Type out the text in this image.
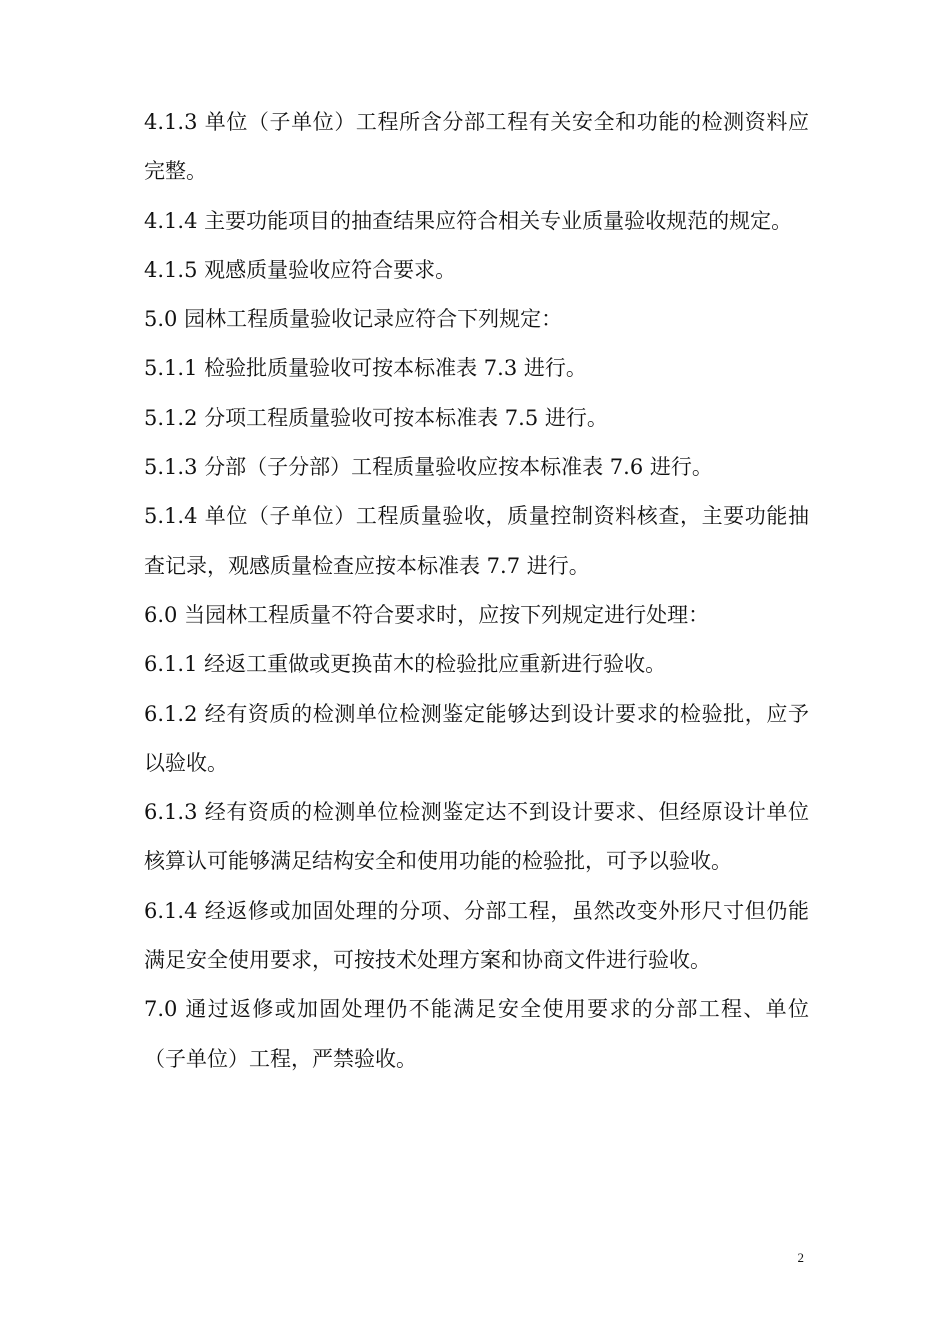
4.1.3 单位（子单位）工程所含分部工程有关安全和功能的检测资料应完整。

4.1.4 主要功能项目的抽查结果应符合相关专业质量验收规范的规定。

4.1.5 观感质量验收应符合要求。

5.0 园林工程质量验收记录应符合下列规定：

5.1.1 检验批质量验收可按本标准表 7.3 进行。

5.1.2 分项工程质量验收可按本标准表 7.5 进行。

5.1.3 分部（子分部）工程质量验收应按本标准表 7.6 进行。

5.1.4 单位（子单位）工程质量验收，质量控制资料核查，主要功能抽查记录，观感质量检查应按本标准表 7.7 进行。

6.0 当园林工程质量不符合要求时，应按下列规定进行处理：

6.1.1 经返工重做或更换苗木的检验批应重新进行验收。

6.1.2 经有资质的检测单位检测鉴定能够达到设计要求的检验批，应予以验收。

6.1.3 经有资质的检测单位检测鉴定达不到设计要求、但经原设计单位核算认可能够满足结构安全和使用功能的检验批，可予以验收。

6.1.4 经返修或加固处理的分项、分部工程，虽然改变外形尺寸但仍能满足安全使用要求，可按技术处理方案和协商文件进行验收。

7.0 通过返修或加固处理仍不能满足安全使用要求的分部工程、单位（子单位）工程，严禁验收。

2
